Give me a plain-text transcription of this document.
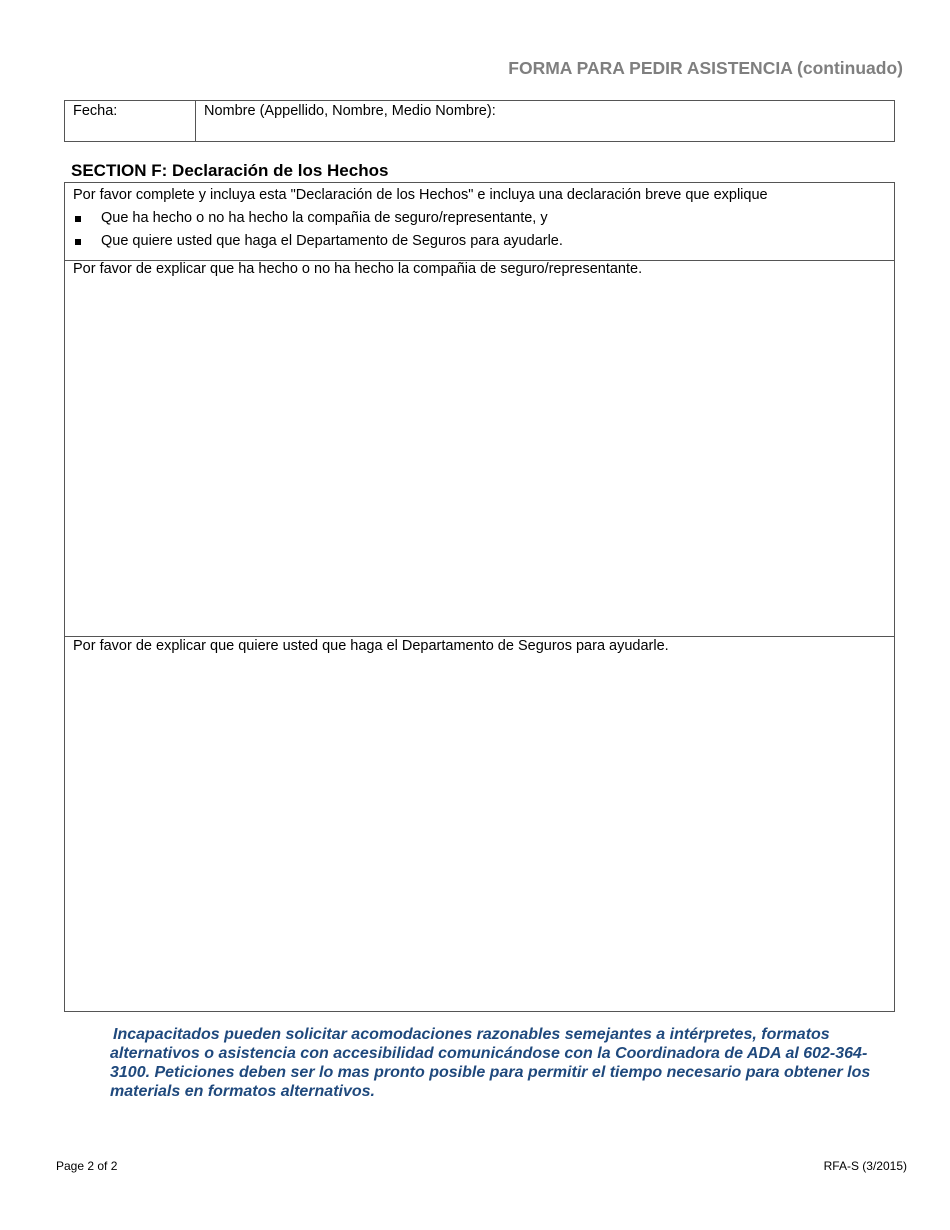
FORMA PARA PEDIR ASISTENCIA (continuado)
Fecha:	Nombre (Appellido, Nombre, Medio Nombre):
SECTION F: Declaración de los Hechos
Por favor complete y incluya esta "Declaración de los Hechos" e incluya una declaración breve que explique
Que ha hecho o no ha hecho la compañia de seguro/representante, y
Que quiere usted que haga el Departamento de Seguros para ayudarle.
Por favor de explicar que ha hecho o no ha hecho la compañia de seguro/representante.
Por favor de explicar que quiere usted que haga el Departamento de Seguros para ayudarle.
Incapacitados pueden solicitar acomodaciones razonables semejantes a intérpretes, formatos alternativos o asistencia con accesibilidad comunicándose con la Coordinadora de ADA al 602-364-3100. Peticiones deben ser lo mas pronto posible para permitir el tiempo necesario para obtener los materials en formatos alternativos.
Page 2 of 2	RFA-S (3/2015)
